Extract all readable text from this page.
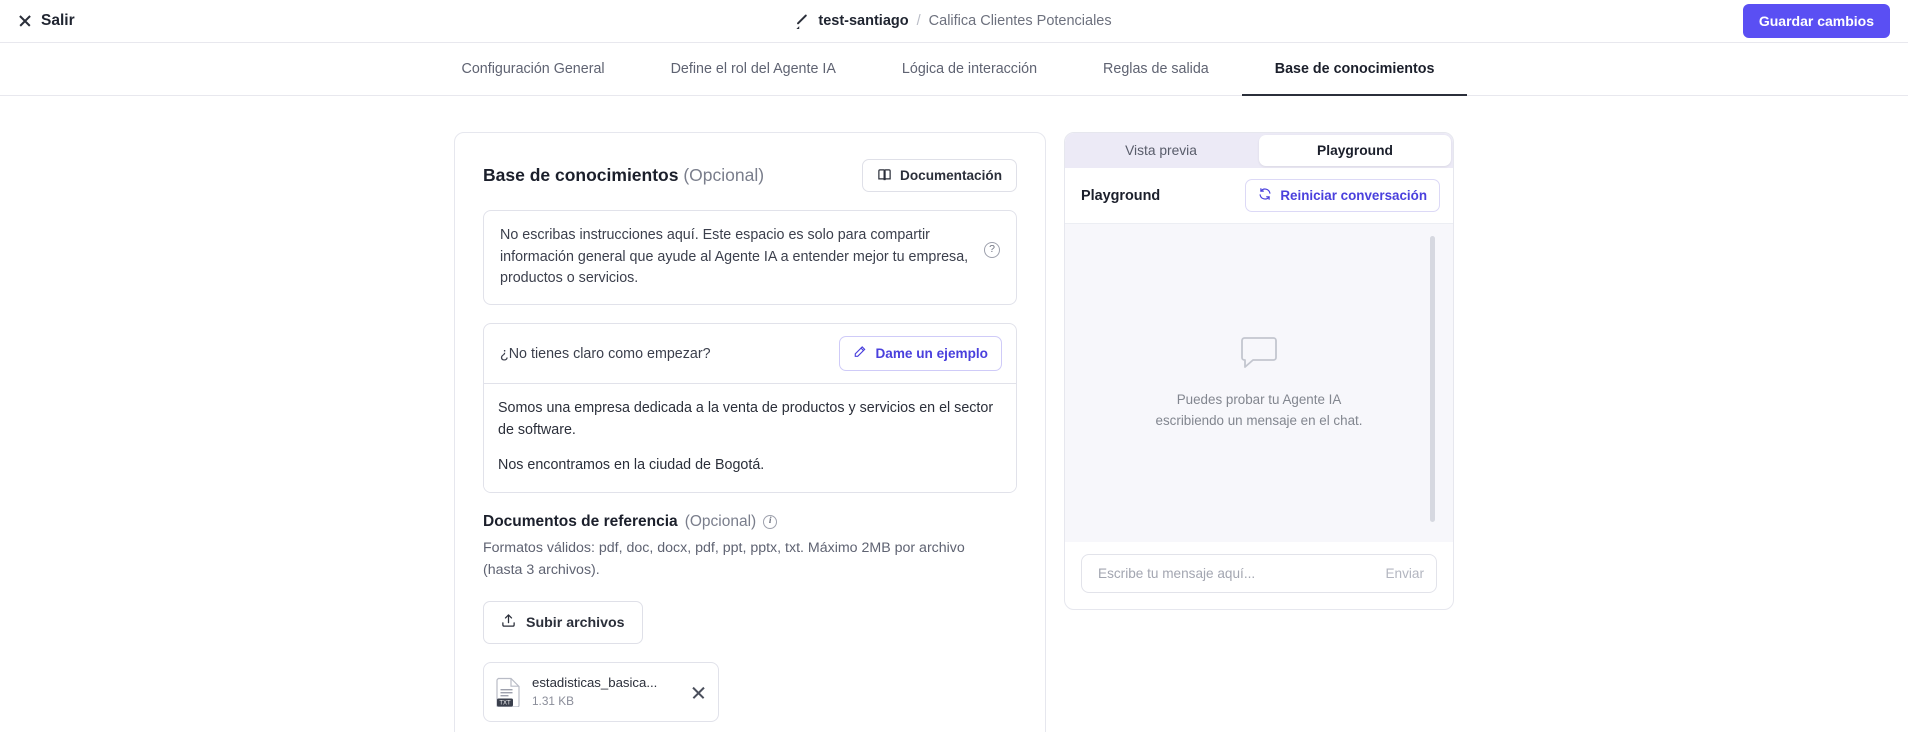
Salir	test-santiago / Califica Clientes Potenciales	Guardar cambios
Configuración General	Define el rol del Agente IA	Lógica de interacción	Reglas de salida	Base de conocimientos
Base de conocimientos (Opcional)	Documentación
No escribas instrucciones aquí. Este espacio es solo para compartir información general que ayude al Agente IA a entender mejor tu empresa, productos o servicios.
?
¿No tienes claro como empezar?	Dame un ejemplo

Somos una empresa dedicada a la venta de productos y servicios en el sector de software.

Nos encontramos en la ciudad de Bogotá.

Documentos de referencia (Opcional)	i
Formatos válidos: pdf, doc, docx, pdf, ppt, pptx, txt. Máximo 2MB por archivo (hasta 3 archivos).
Subir archivos
TXT
estadisticas_basica... 1.31 KB
Vista previa	Playground
Playground	Reiniciar conversación
Puedes probar tu Agente IA escribiendo un mensaje en el chat.
Escribe tu mensaje aquí...
Enviar
